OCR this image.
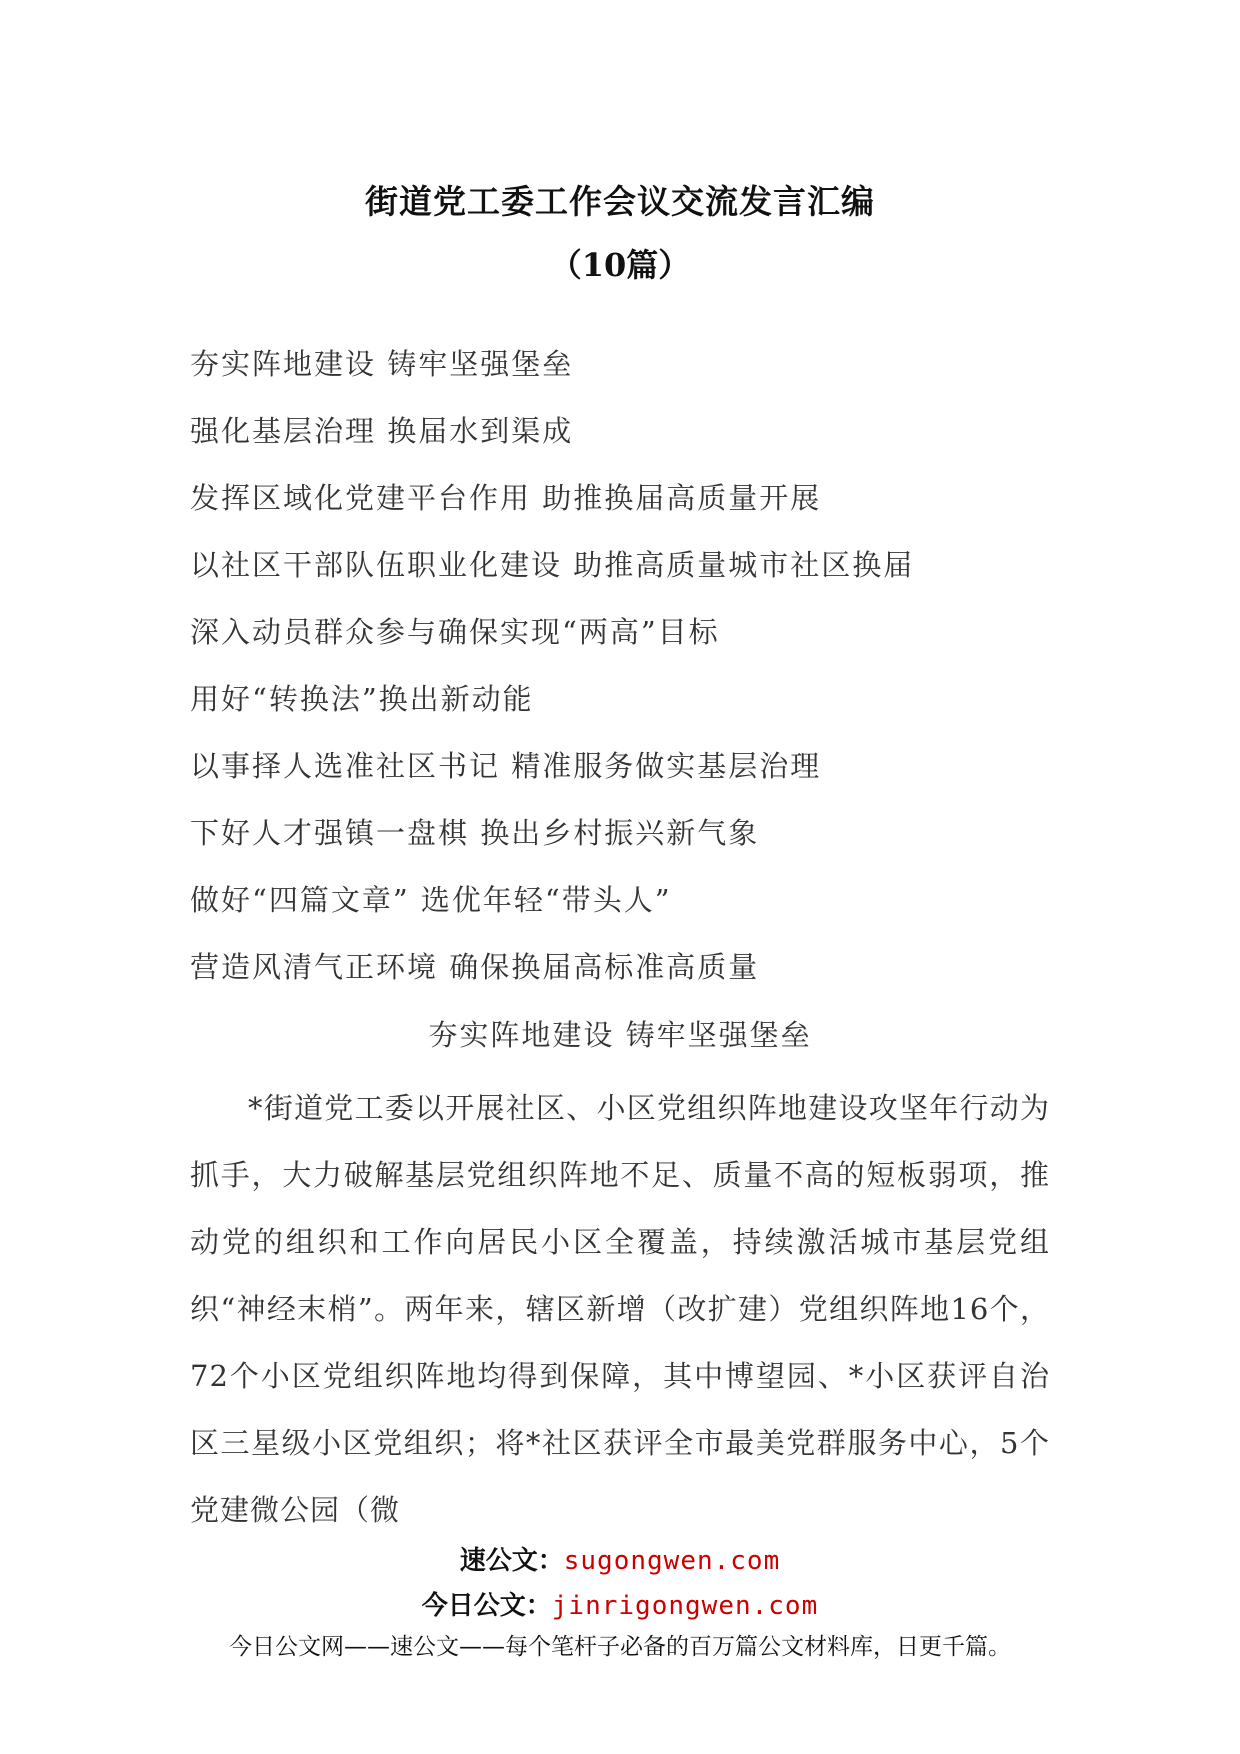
街道党工委工作会议交流发言汇编
（10篇）
夯实阵地建设 铸牢坚强堡垒
强化基层治理 换届水到渠成
发挥区域化党建平台作用 助推换届高质量开展
以社区干部队伍职业化建设 助推高质量城市社区换届
深入动员群众参与确保实现“两高”目标
用好“转换法”换出新动能
以事择人选准社区书记 精准服务做实基层治理
下好人才强镇一盘棋 换出乡村振兴新气象
做好“四篇文章” 选优年轻“带头人”
营造风清气正环境 确保换届高标准高质量
夯实阵地建设 铸牢坚强堡垒

*街道党工委以开展社区、小区党组织阵地建设攻坚年行动为抓手，大力破解基层党组织阵地不足、质量不高的短板弱项，推动党的组织和工作向居民小区全覆盖，持续激活城市基层党组织“神经末梢”。两年来，辖区新增（改扩建）党组织阵地16个，72个小区党组织阵地均得到保障，其中博望园、*小区获评自治区三星级小区党组织；将*社区获评全市最美党群服务中心，5个党建微公园（微

速公文：sugongwen.com
今日公文：jinrigongwen.com
今日公文网——速公文——每个笔杆子必备的百万篇公文材料库，日更千篇。
